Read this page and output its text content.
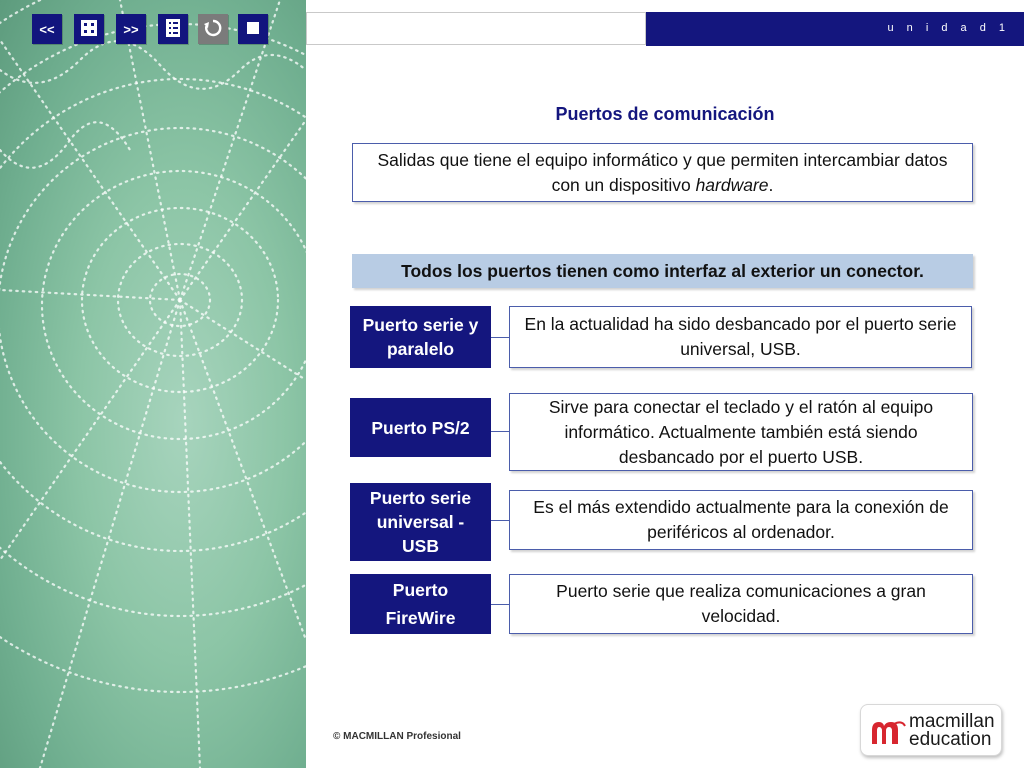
<<	>>	u n i d a d 1
Puertos de comunicación
Salidas que tiene el equipo informático y que permiten intercambiar datos con un dispositivo hardware.
Todos los puertos tienen como interfaz al exterior un conector.
Puerto serie y paralelo
En la actualidad ha sido desbancado por el puerto serie universal, USB.
Puerto PS/2
Sirve para conectar el teclado y el ratón al equipo informático. Actualmente también está siendo desbancado por el puerto USB.
Puerto serie universal - USB
Es el más extendido actualmente para la conexión de periféricos al ordenador.
Puerto FireWire
Puerto serie que realiza comunicaciones a gran velocidad.
© MACMILLAN Profesional
macmillan
education
